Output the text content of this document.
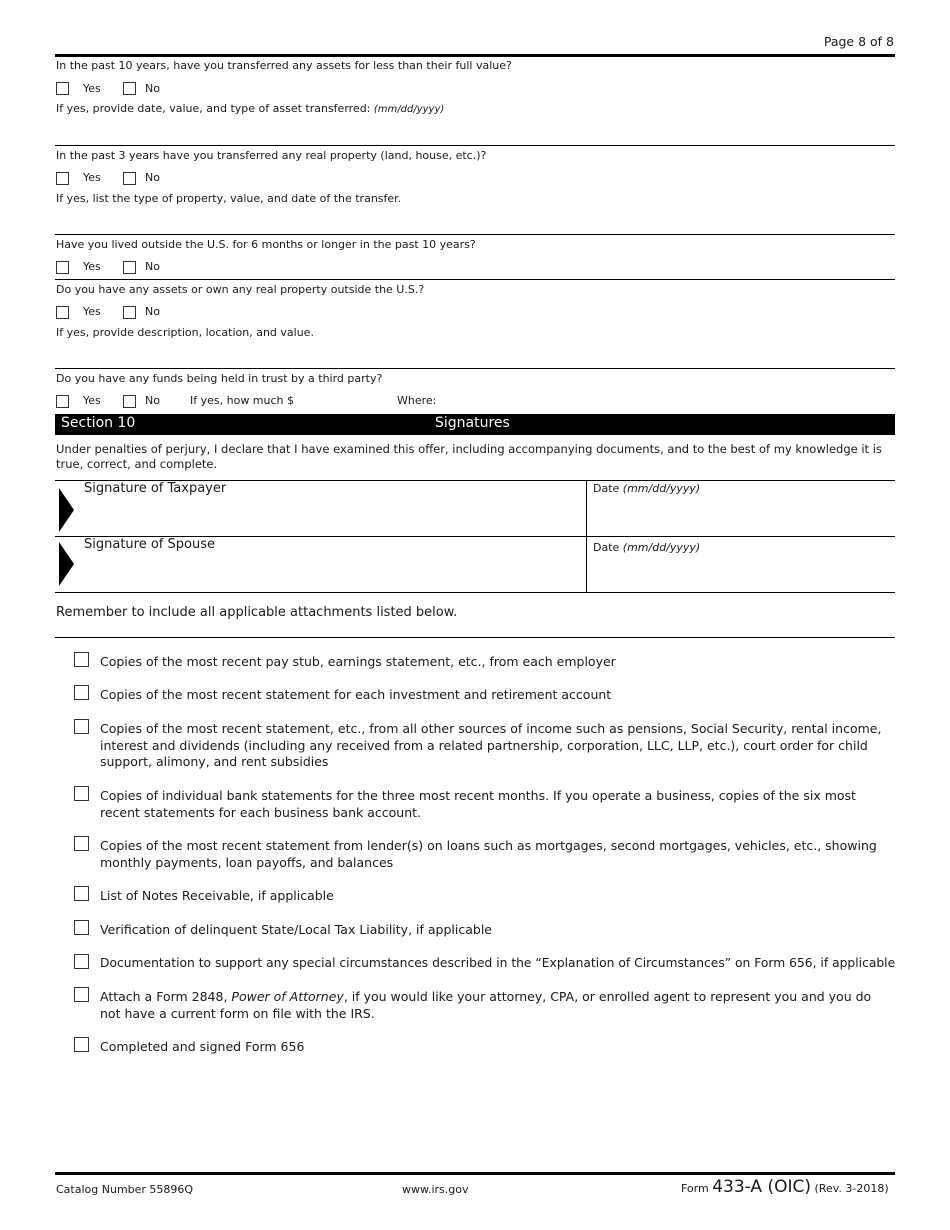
Page 8 of 8
In the past 10 years, have you transferred any assets for less than their full value?
Yes	No
If yes, provide date, value, and type of asset transferred: (mm/dd/yyyy)
In the past 3 years have you transferred any real property (land, house, etc.)?
Yes	No
If yes, list the type of property, value, and date of the transfer.
Have you lived outside the U.S. for 6 months or longer in the past 10 years?
Yes	No
Do you have any assets or own any real property outside the U.S.?
Yes	No
If yes, provide description, location, and value.
Do you have any funds being held in trust by a third party?
Yes	No	If yes, how much $	Where:
Section 10	Signatures
Under penalties of perjury, I declare that I have examined this offer, including accompanying documents, and to the best of my knowledge it is true, correct, and complete.
Signature of Taxpayer	Date (mm/dd/yyyy)
Signature of Spouse	Date (mm/dd/yyyy)
Remember to include all applicable attachments listed below.
Copies of the most recent pay stub, earnings statement, etc., from each employer
Copies of the most recent statement for each investment and retirement account
Copies of the most recent statement, etc., from all other sources of income such as pensions, Social Security, rental income, interest and dividends (including any received from a related partnership, corporation, LLC, LLP, etc.), court order for child support, alimony, and rent subsidies
Copies of individual bank statements for the three most recent months. If you operate a business, copies of the six most recent statements for each business bank account.
Copies of the most recent statement from lender(s) on loans such as mortgages, second mortgages, vehicles, etc., showing monthly payments, loan payoffs, and balances
List of Notes Receivable, if applicable
Verification of delinquent State/Local Tax Liability, if applicable
Documentation to support any special circumstances described in the “Explanation of Circumstances” on Form 656, if applicable
Attach a Form 2848, Power of Attorney, if you would like your attorney, CPA, or enrolled agent to represent you and you do not have a current form on file with the IRS.
Completed and signed Form 656
Catalog Number 55896Q	www.irs.gov	Form 433-A (OIC) (Rev. 3-2018)
